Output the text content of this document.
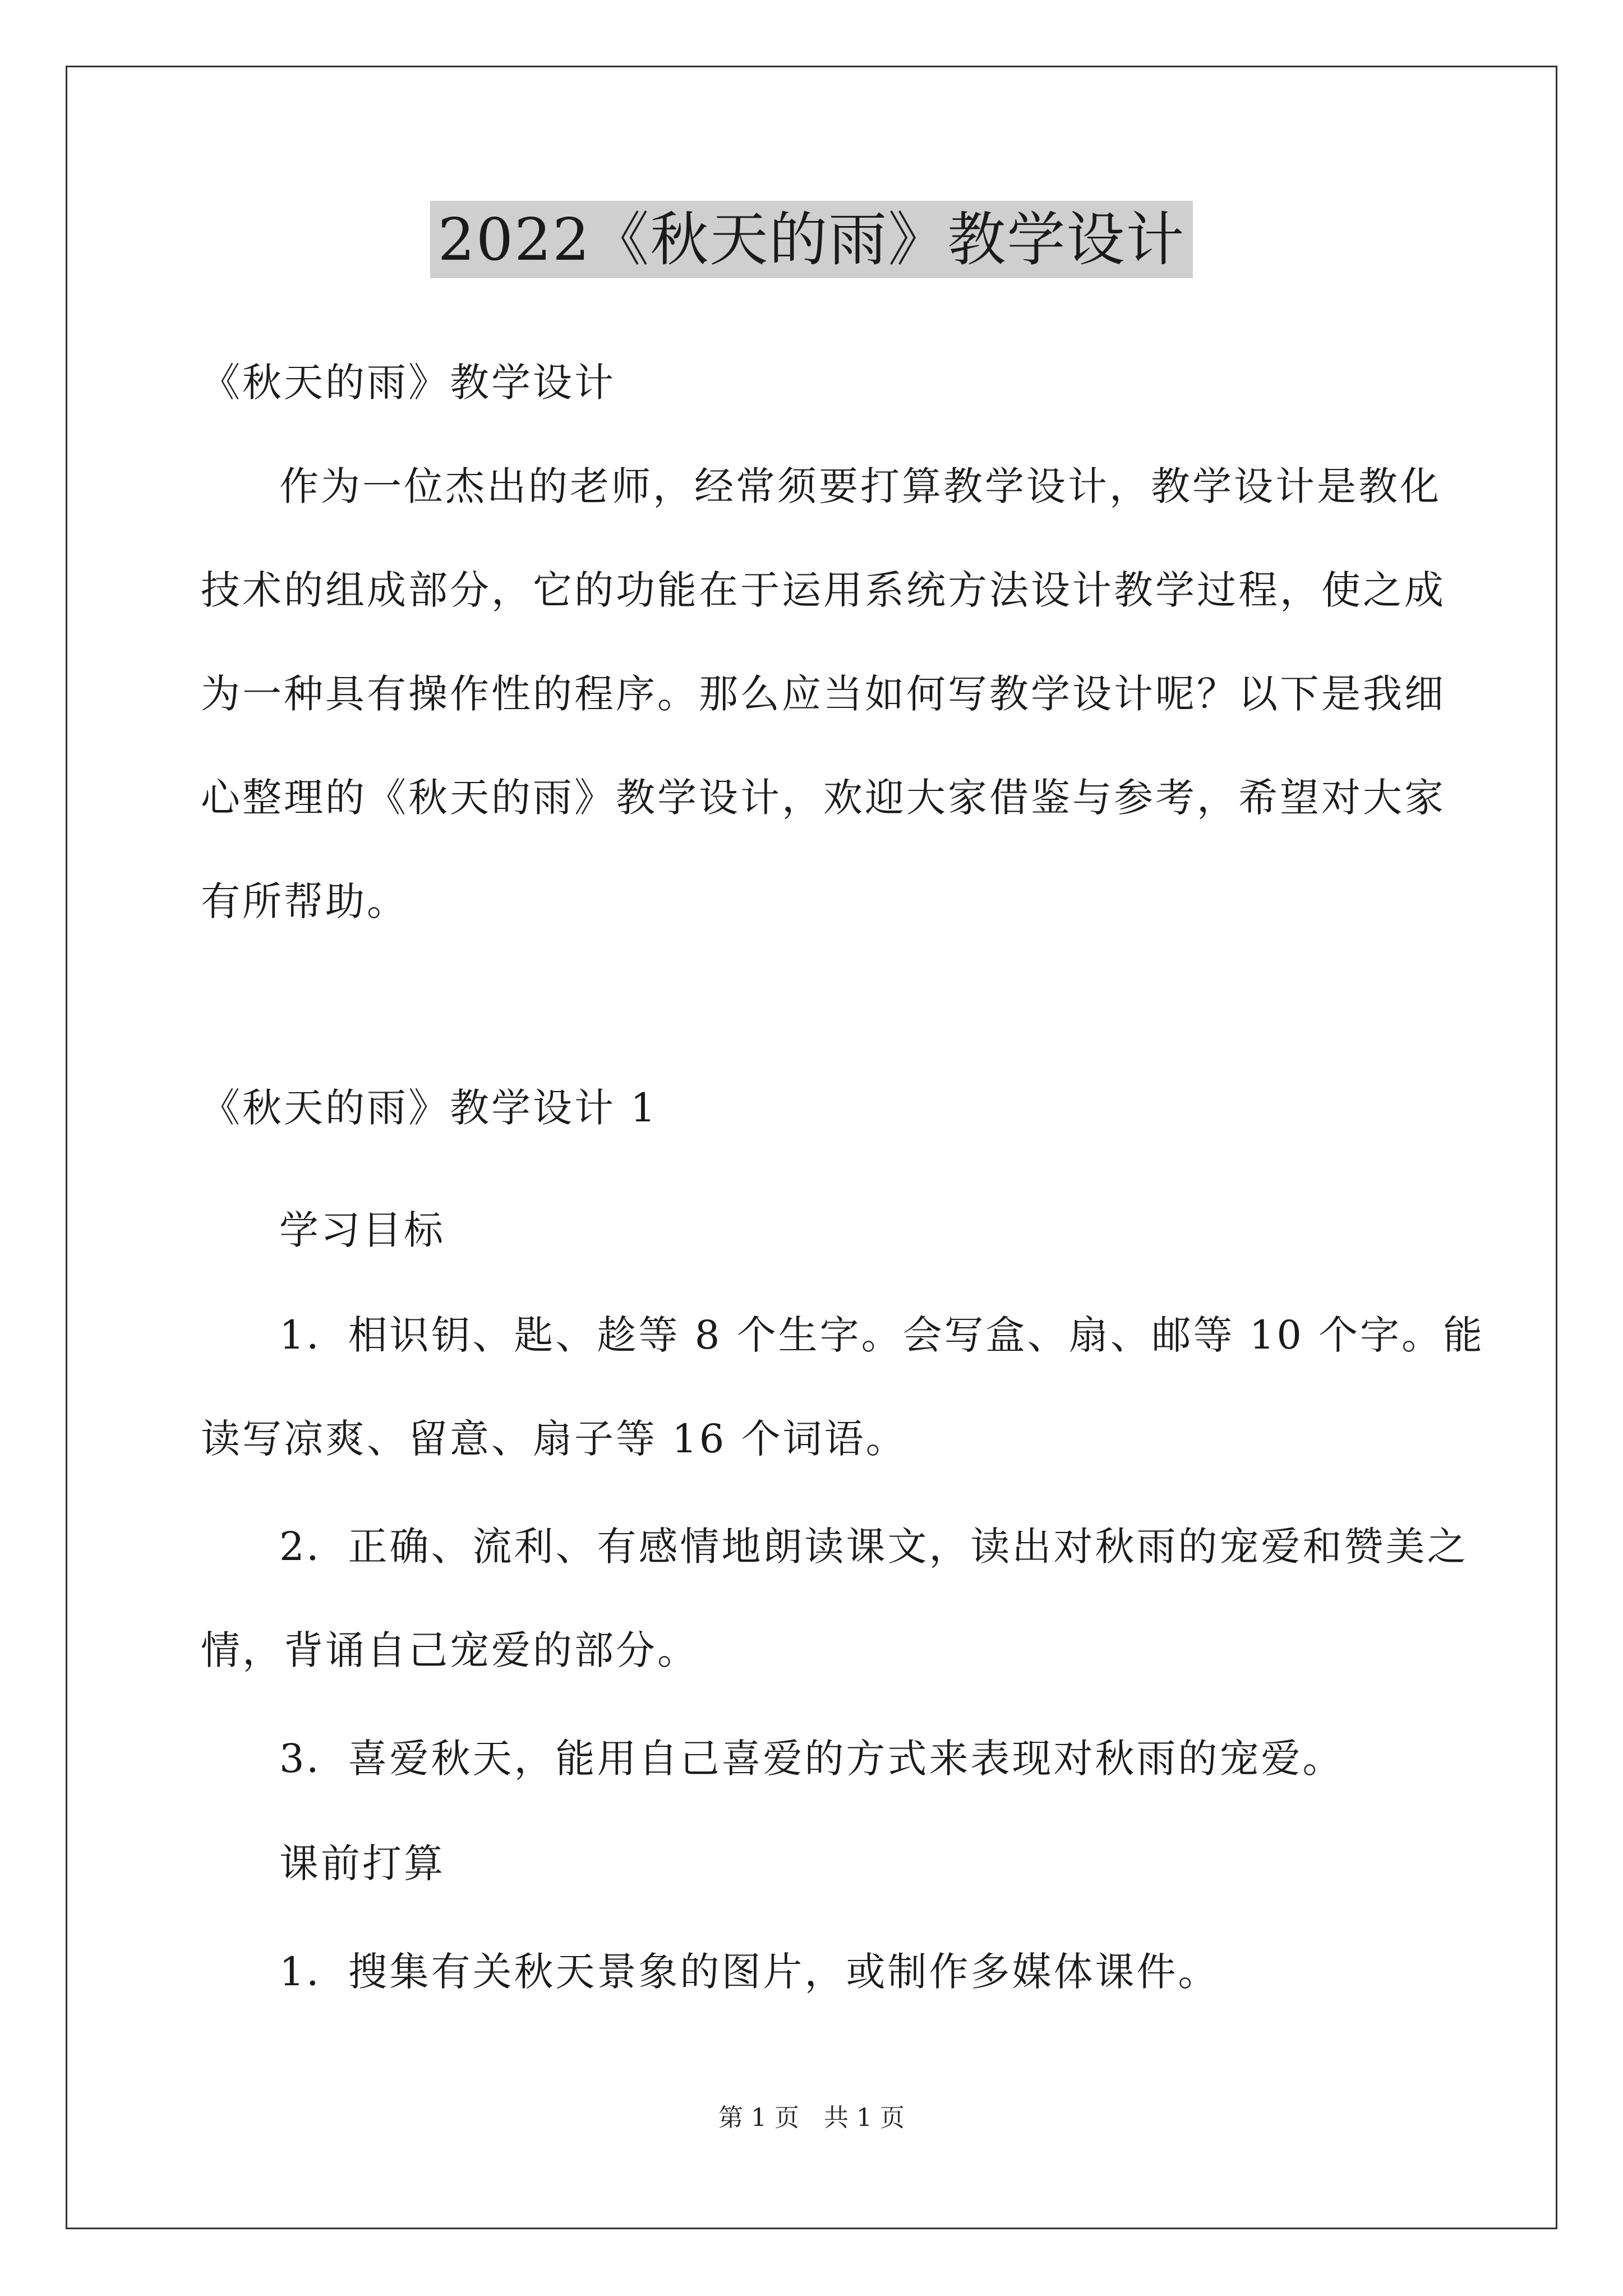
2022《秋天的雨》教学设计
《秋天的雨》教学设计
作为一位杰出的老师，经常须要打算教学设计，教学设计是教化
技术的组成部分，它的功能在于运用系统方法设计教学过程，使之成
为一种具有操作性的程序。那么应当如何写教学设计呢？以下是我细
心整理的《秋天的雨》教学设计，欢迎大家借鉴与参考，希望对大家
有所帮助。
《秋天的雨》教学设计 1
学习目标
1．相识钥、匙、趁等 8 个生字。会写盒、扇、邮等 10 个字。能
读写凉爽、留意、扇子等 16 个词语。
2．正确、流利、有感情地朗读课文，读出对秋雨的宠爱和赞美之
情，背诵自己宠爱的部分。
3．喜爱秋天，能用自己喜爱的方式来表现对秋雨的宠爱。
课前打算
1．搜集有关秋天景象的图片，或制作多媒体课件。
第 1 页　共 1 页
